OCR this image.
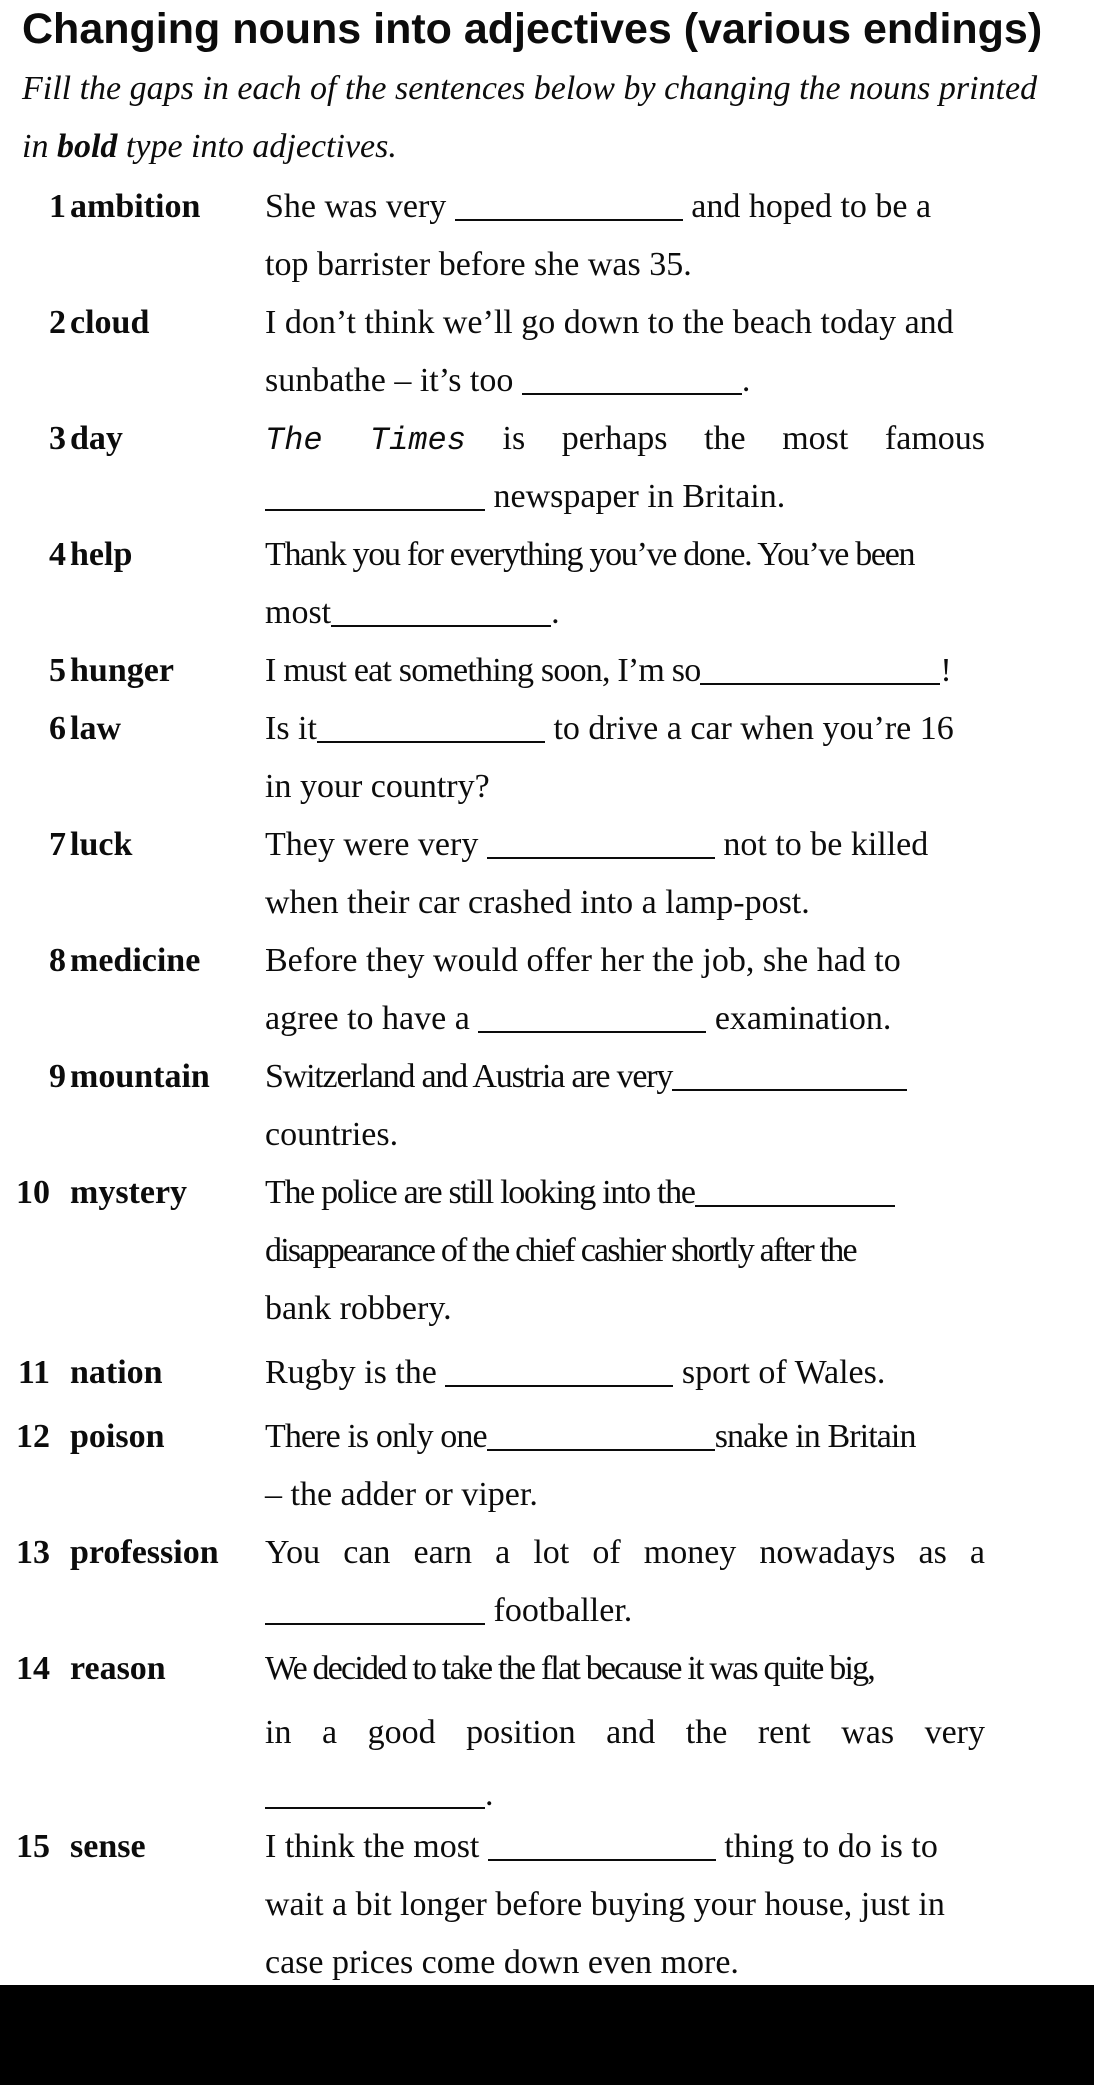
Changing nouns into adjectives (various endings)
Fill the gaps in each of the sentences below by changing the nouns printed in bold type into adjectives.
1 ambition She was very	and hoped to be a
top barrister before she was 35.
2 cloud	I don’t think we’ll go down to the beach today and
sunbathe – it’s too	.
3 day	The Times is perhaps the most famous
newspaper in Britain.
4 help	Thank you for everything you’ve done. You’ve been
most	.
5 hunger	I must eat something soon, I’m so	!
6 law	Is it	to drive a car when you’re 16
in your country?
7 luck	They were very	not to be killed
when their car crashed into a lamp-post.
8 medicine Before they would offer her the job, she had to
agree to have a	examination.
9 mountain Switzerland and Austria are very
countries.
10 mystery The police are still looking into the
disappearance of the chief cashier shortly after the
bank robbery.
11 nation	Rugby is the	sport of Wales.
12 poison	There is only one	snake in Britain
– the adder or viper.
13 profession You can earn a lot of money nowadays as a
footballer.
14 reason	We decided to take the flat because it was quite big,
in a good position and the rent was very
.
15 sense	I think the most	thing to do is to
wait a bit longer before buying your house, just in
case prices come down even more.
